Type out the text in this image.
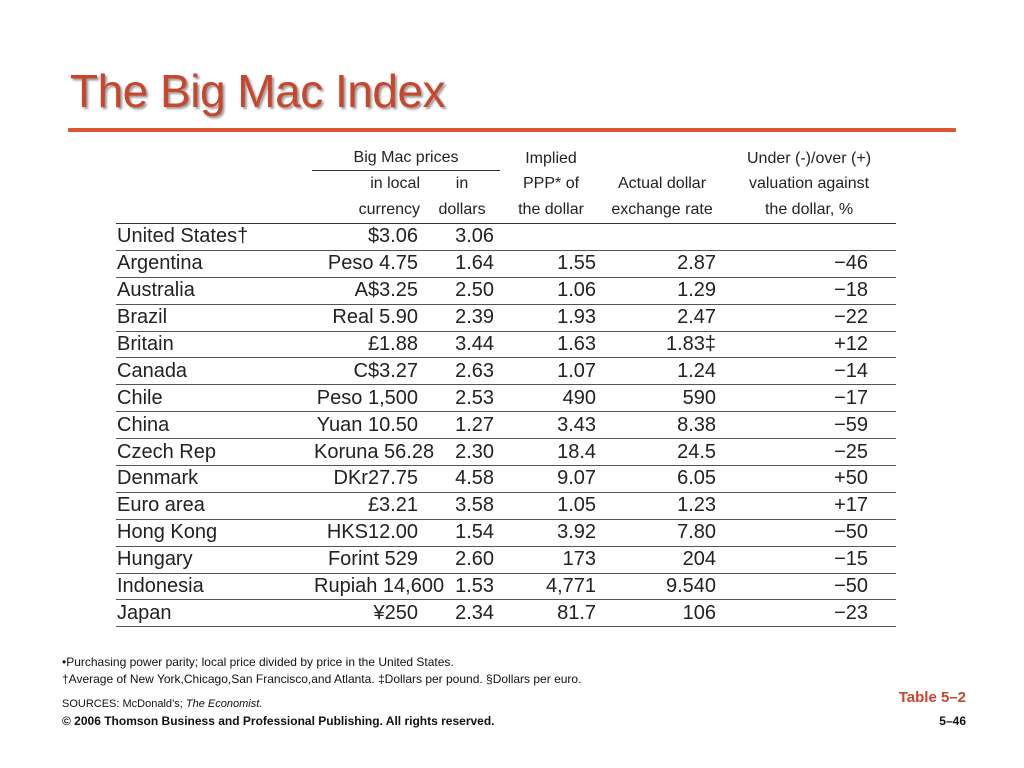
The Big Mac Index
	Big Mac prices		Implied		Under (-)/over (+)
	in local	in	PPP* of	Actual dollar	valuation against
	currency	dollars	the dollar	exchange rate	the dollar, %
United States†	$3.06	3.06			
Argentina	Peso 4.75	1.64	1.55	2.87	−46
Australia	A$3.25	2.50	1.06	1.29	−18
Brazil	Real 5.90	2.39	1.93	2.47	−22
Britain	£1.88	3.44	1.63	1.83‡	+12
Canada	C$3.27	2.63	1.07	1.24	−14
Chile	Peso 1,500	2.53	490	590	−17
China	Yuan 10.50	1.27	3.43	8.38	−59
Czech Rep	Koruna 56.28	2.30	18.4	24.5	−25
Denmark	DKr27.75	4.58	9.07	6.05	+50
Euro area	£3.21	3.58	1.05	1.23	+17
Hong Kong	HKS12.00	1.54	3.92	7.80	−50
Hungary	Forint 529	2.60	173	204	−15
Indonesia	Rupiah 14,600	1.53	4,771	9.540	−50
Japan	¥250	2.34	81.7	106	−23
•Purchasing power parity; local price divided by price in the United States.
†Average of New York,Chicago,San Francisco,and Atlanta. ‡Dollars per pound. §Dollars per euro.
SOURCES: McDonald’s; The Economist.
© 2006 Thomson Business and Professional Publishing. All rights reserved.
Table 5–2
5–46
